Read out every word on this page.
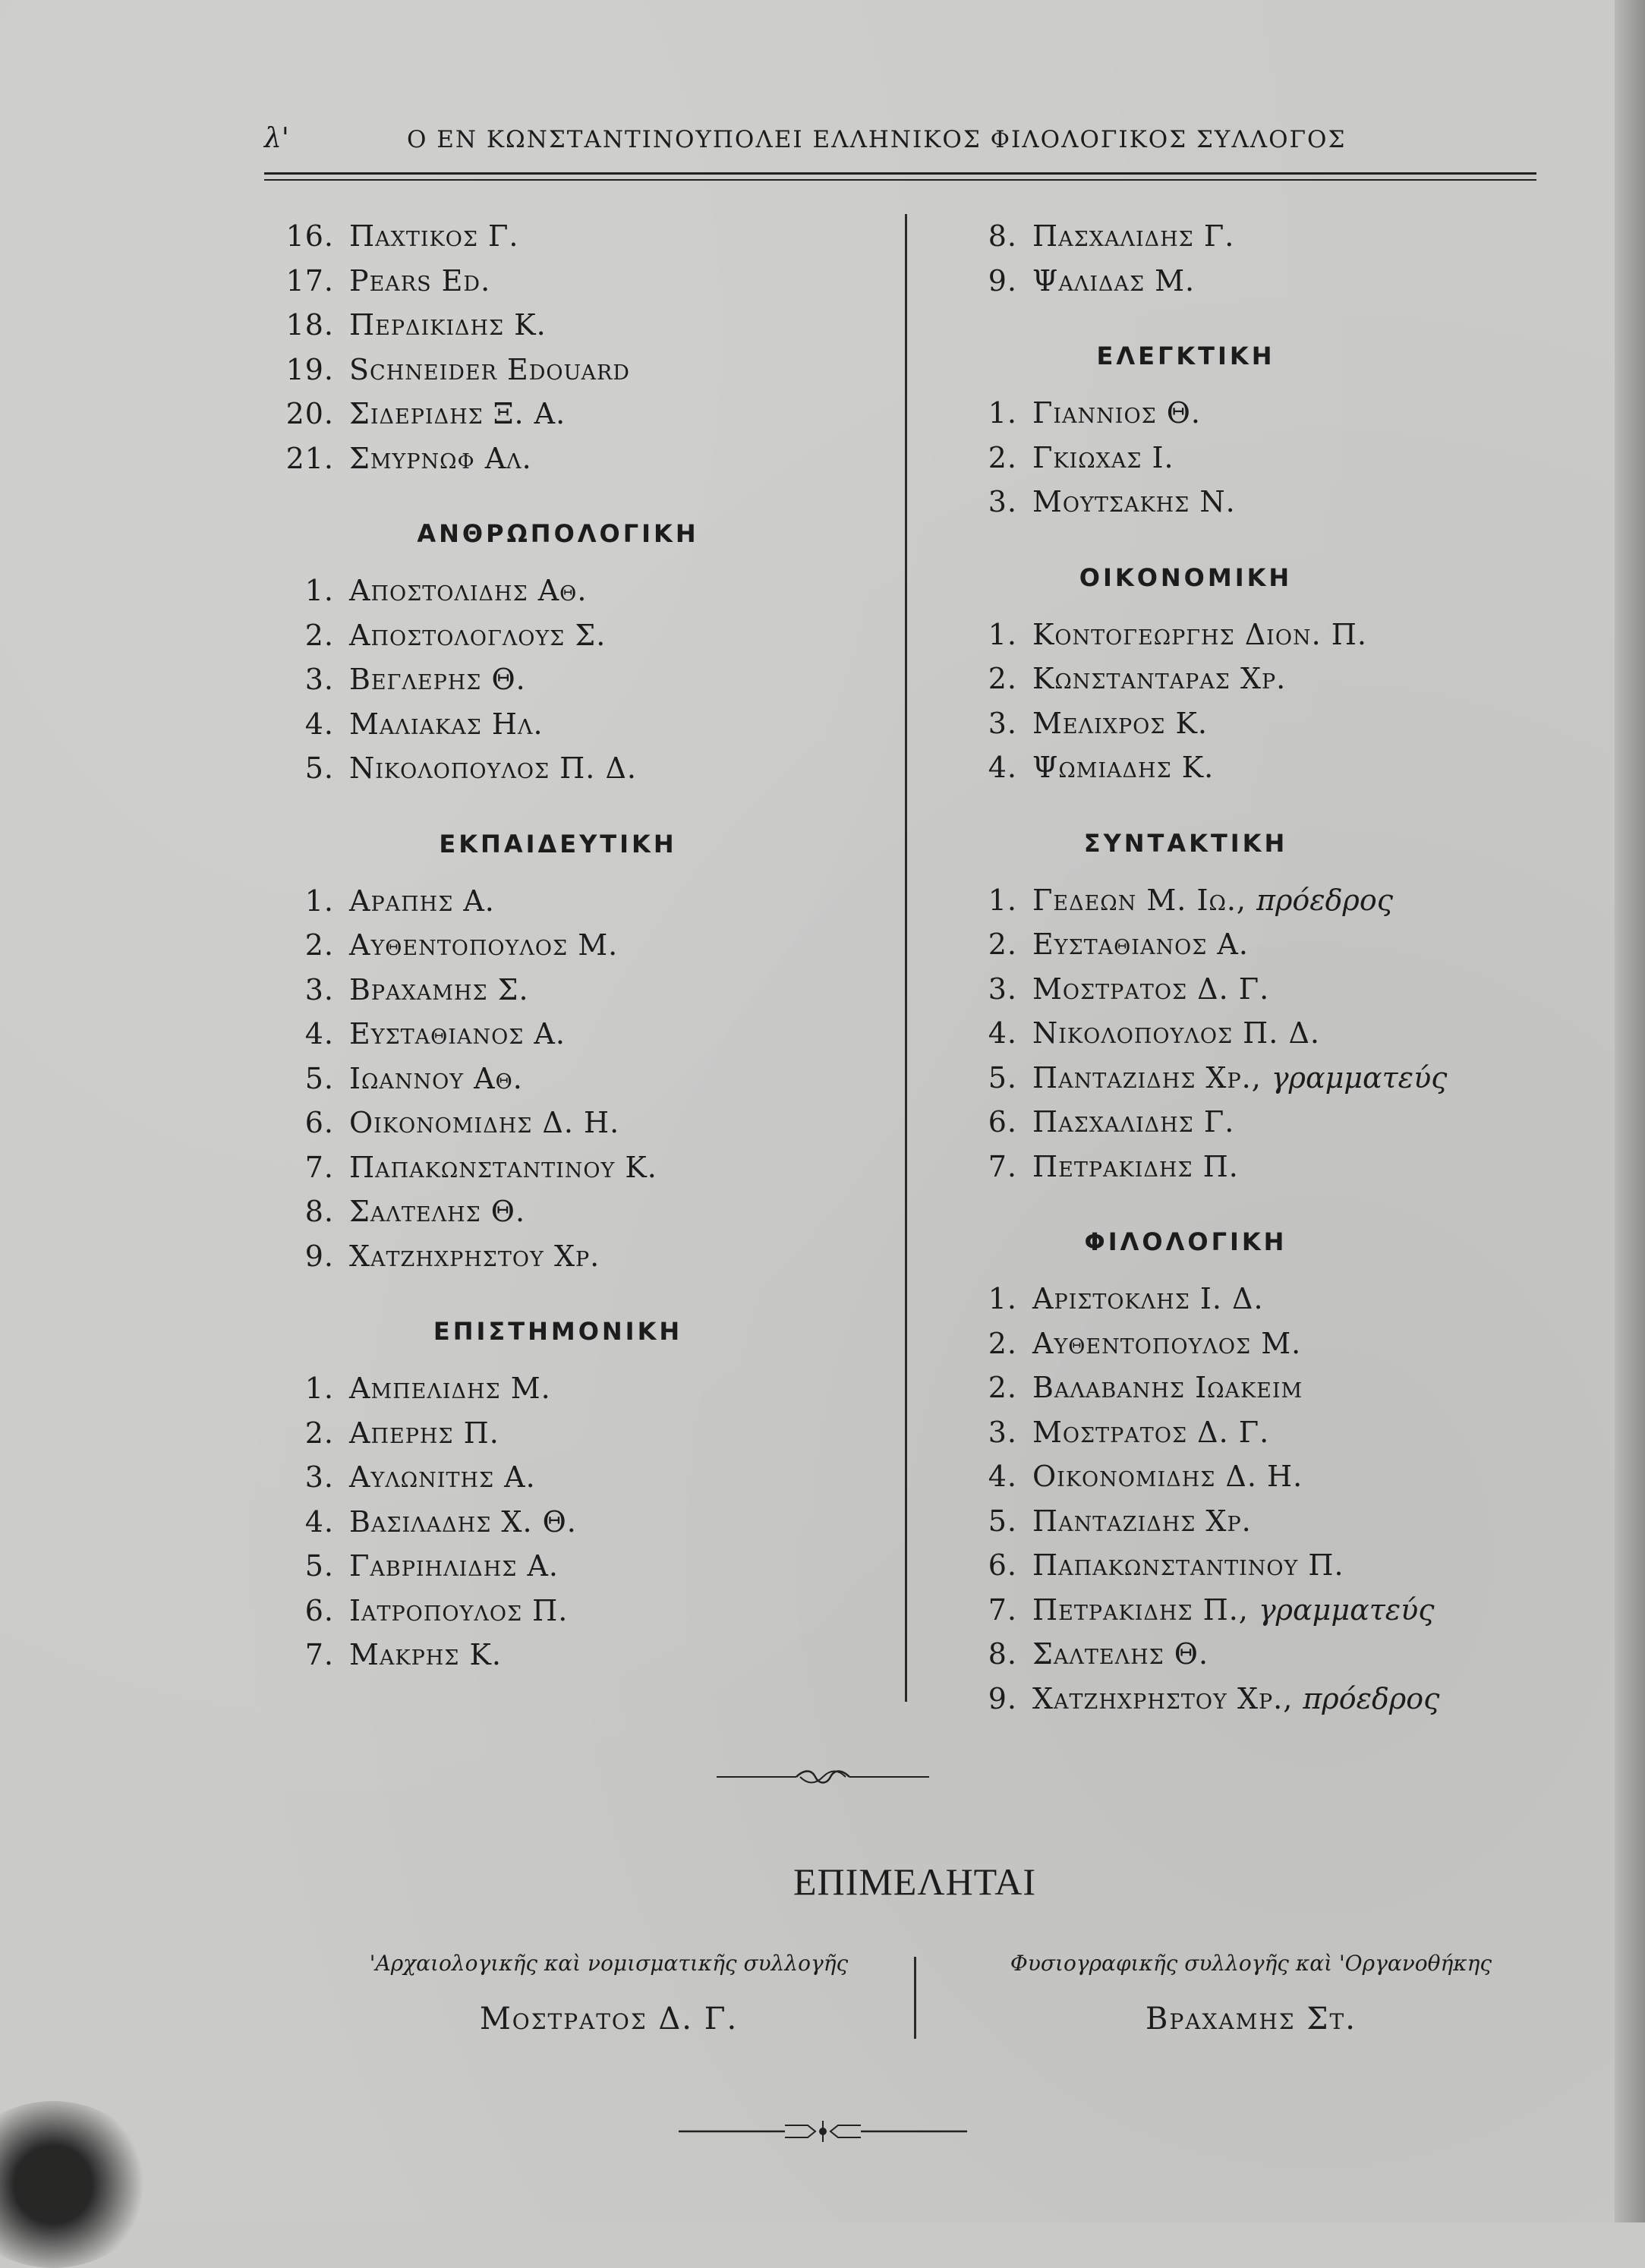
λ'	Ο ΕΝ ΚΩΝΣΤΑΝΤΙΝΟΥΠΟΛΕΙ ΕΛΛΗΝΙΚΟΣ ΦΙΛΟΛΟΓΙΚΟΣ ΣΥΛΛΟΓΟΣ
16. Παχτικος Γ.
17. Pears Ed.
18. Περδικιδης Κ.
19. Schneider Edouard
20. Σιδεριδης Ξ. Α.
21. Σμυρνωφ Αλ.
ΑΝΘΡΩΠΟΛΟΓΙΚΗ
1. Αποστολιδης Αθ.
2. Αποστολογλους Σ.
3. Βεγλερης Θ.
4. Μαλιακας Ηλ.
5. Νικολοπουλος Π. Δ.
ΕΚΠΑΙΔΕΥΤΙΚΗ
1. Αραπης Α.
2. Αυθεντοπουλος Μ.
3. Βραχαμης Σ.
4. Ευσταθιανος Α.
5. Ιωαννου Αθ.
6. Οικονομιδης Δ. Η.
7. Παπακωνσταντινου Κ.
8. Σαλτελης Θ.
9. Χατζηχρηστου Χρ.
ΕΠΙΣΤΗΜΟΝΙΚΗ
1. Αμπελιδης Μ.
2. Απερης Π.
3. Αυλωνιτης Α.
4. Βασιλαδης Χ. Θ.
5. Γαβριηλιδης Α.
6. Ιατροπουλος Π.
7. Μακρης Κ.
8. Πασχαλιδης Γ.
9. Ψαλιδας Μ.
ΕΛΕΓΚΤΙΚΗ
1. Γιαννιος Θ.
2. Γκιωχας Ι.
3. Μουτσακης Ν.
ΟΙΚΟΝΟΜΙΚΗ
1. Κοντογεωργης Διον. Π.
2. Κωνστανταρας Χρ.
3. Μελιχρος Κ.
4. Ψωμιαδης Κ.
ΣΥΝΤΑΚΤΙΚΗ
1. Γεδεων Μ. Ιω., πρόεδρος
2. Ευσταθιανος Α.
3. Μοστρατος Δ. Γ.
4. Νικολοπουλος Π. Δ.
5. Πανταζιδης Χρ., γραμματεύς
6. Πασχαλιδης Γ.
7. Πετρακιδης Π.
ΦΙΛΟΛΟΓΙΚΗ
1. Αριστοκλης Ι. Δ.
2. Αυθεντοπουλος Μ.
2. Βαλαβανης Ιωακειμ
3. Μοστρατος Δ. Γ.
4. Οικονομιδης Δ. Η.
5. Πανταζιδης Χρ.
6. Παπακωνσταντινου Π.
7. Πετρακιδης Π., γραμματεύς
8. Σαλτελης Θ.
9. Χατζηχρηστου Χρ., πρόεδρος
ΕΠΙΜΕΛΗΤΑΙ
'Αρχαιολογικῆς καὶ νομισματικῆς συλλογῆς
Μοστρατος Δ. Γ.
Φυσιογραφικῆς συλλογῆς καὶ 'Οργανοθήκης
Βραχαμης Στ.
